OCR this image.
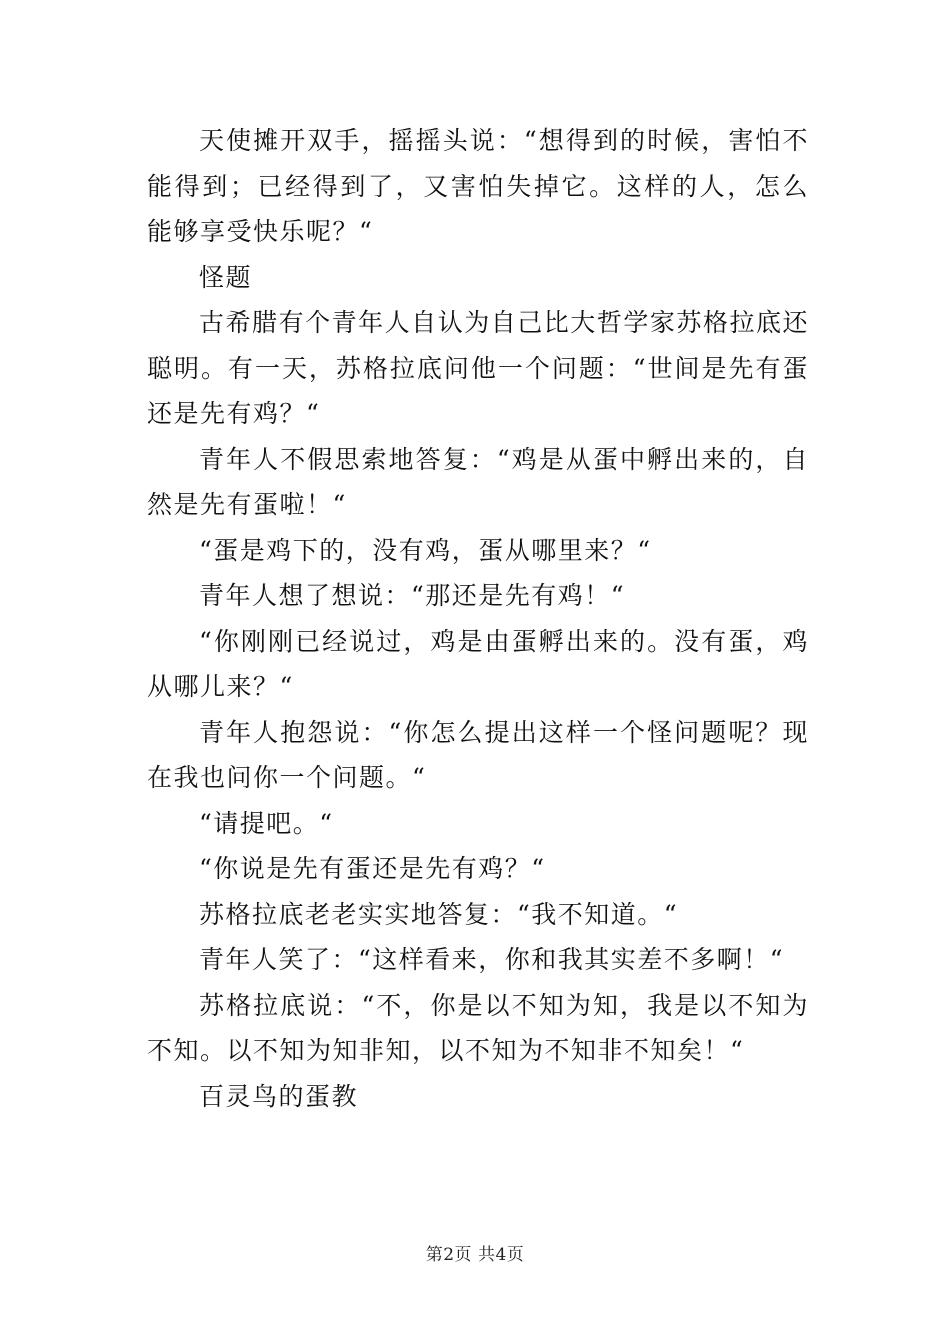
天使摊开双手，摇摇头说：“想得到的时候，害怕不能得到；已经得到了，又害怕失掉它。这样的人，怎么能够享受快乐呢？“

怪题

古希腊有个青年人自认为自己比大哲学家苏格拉底还聪明。有一天，苏格拉底问他一个问题：“世间是先有蛋还是先有鸡？“

青年人不假思索地答复：“鸡是从蛋中孵出来的，自然是先有蛋啦！“

“蛋是鸡下的，没有鸡，蛋从哪里来？“

青年人想了想说：“那还是先有鸡！“

“你刚刚已经说过，鸡是由蛋孵出来的。没有蛋，鸡从哪儿来？“

青年人抱怨说：“你怎么提出这样一个怪问题呢？现在我也问你一个问题。“

“请提吧。“

“你说是先有蛋还是先有鸡？“

苏格拉底老老实实地答复：“我不知道。“

青年人笑了：“这样看来，你和我其实差不多啊！“

苏格拉底说：“不，你是以不知为知，我是以不知为不知。以不知为知非知，以不知为不知非不知矣！“

百灵鸟的蛋教

第2页 共4页
